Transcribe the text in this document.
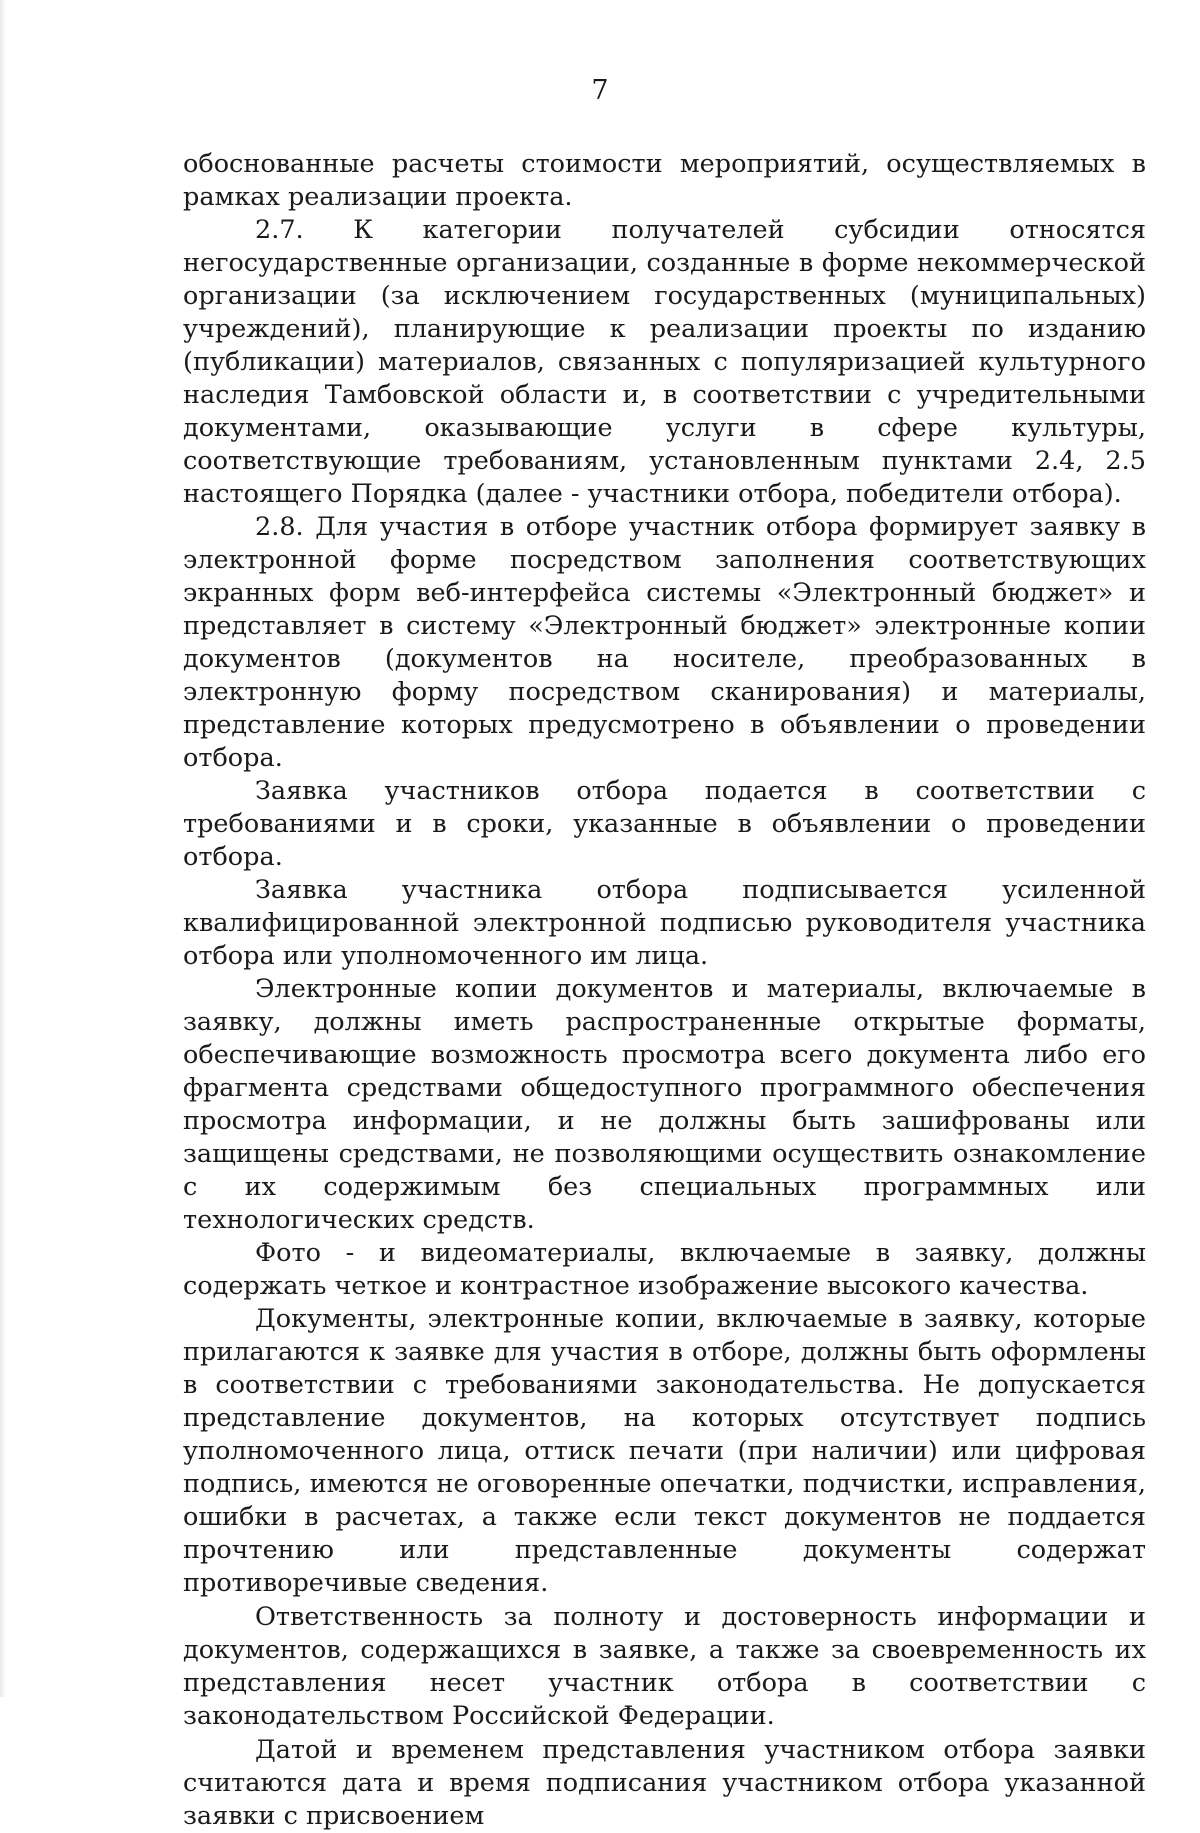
7

обоснованные расчеты стоимости мероприятий, осуществляемых в рамках реализации проекта.

2.7. К категории получателей субсидии относятся негосударственные организации, созданные в форме некоммерческой организации (за исключением государственных (муниципальных) учреждений), планирующие к реализации проекты по изданию (публикации) материалов, связанных с популяризацией культурного наследия Тамбовской области и, в соответствии с учредительными документами, оказывающие услуги в сфере культуры, соответствующие требованиям, установленным пунктами 2.4, 2.5 настоящего Порядка (далее - участники отбора, победители отбора).

2.8. Для участия в отборе участник отбора формирует заявку в электронной форме посредством заполнения соответствующих экранных форм веб-интерфейса системы «Электронный бюджет» и представляет в систему «Электронный бюджет» электронные копии документов (документов на носителе, преобразованных в электронную форму посредством сканирования) и материалы, представление которых предусмотрено в объявлении о проведении отбора.

Заявка участников отбора подается в соответствии с требованиями и в сроки, указанные в объявлении о проведении отбора.

Заявка участника отбора подписывается усиленной квалифицированной электронной подписью руководителя участника отбора или уполномоченного им лица.

Электронные копии документов и материалы, включаемые в заявку, должны иметь распространенные открытые форматы, обеспечивающие возможность просмотра всего документа либо его фрагмента средствами общедоступного программного обеспечения просмотра информации, и не должны быть зашифрованы или защищены средствами, не позволяющими осуществить ознакомление с их содержимым без специальных программных или технологических средств.

Фото - и видеоматериалы, включаемые в заявку, должны содержать четкое и контрастное изображение высокого качества.

Документы, электронные копии, включаемые в заявку, которые прилагаются к заявке для участия в отборе, должны быть оформлены в соответствии с требованиями законодательства. Не допускается представление документов, на которых отсутствует подпись уполномоченного лица, оттиск печати (при наличии) или цифровая подпись, имеются не оговоренные опечатки, подчистки, исправления, ошибки в расчетах, а также если текст документов не поддается прочтению или представленные документы содержат противоречивые сведения.

Ответственность за полноту и достоверность информации и документов, содержащихся в заявке, а также за своевременность их представления несет участник отбора в соответствии с законодательством Российской Федерации.

Датой и временем представления участником отбора заявки считаются дата и время подписания участником отбора указанной заявки с присвоением
